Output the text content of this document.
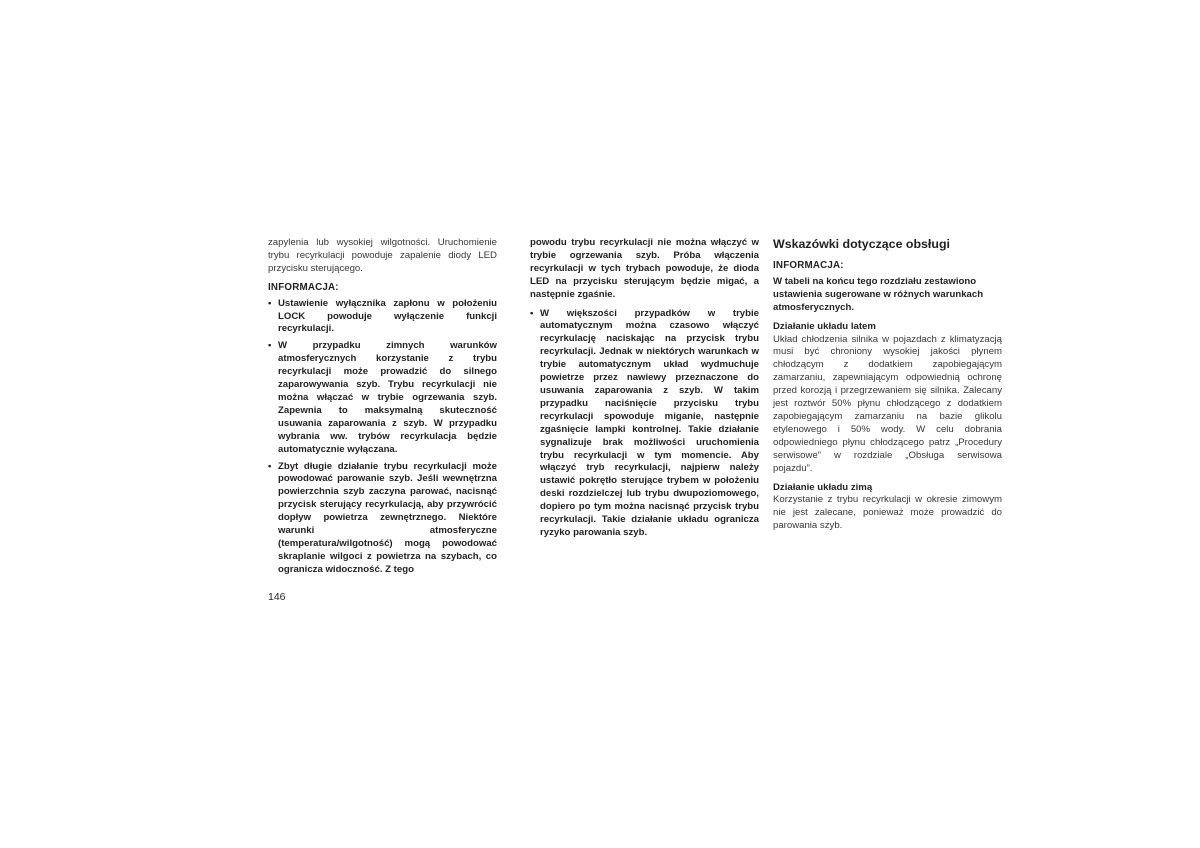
zapylenia lub wysokiej wilgotności. Uruchomienie trybu recyrkulacji powoduje zapalenie diody LED przycisku sterującego.

INFORMACJA:
• Ustawienie wyłącznika zapłonu w położeniu LOCK powoduje wyłączenie funkcji recyrkulacji.
• W przypadku zimnych warunków atmosferycznych korzystanie z trybu recyrkulacji może prowadzić do silnego zaparowywania szyb. Trybu recyrkulacji nie można włączać w trybie ogrzewania szyb. Zapewnia to maksymalną skuteczność usuwania zaparowania z szyb. W przypadku wybrania ww. trybów recyrkulacja będzie automatycznie wyłączana.
• Zbyt długie działanie trybu recyrkulacji może powodować parowanie szyb. Jeśli wewnętrzna powierzchnia szyb zaczyna parować, nacisnąć przycisk sterujący recyrkulacją, aby przywrócić dopływ powietrza zewnętrznego. Niektóre warunki atmosferyczne (temperatura/wilgotność) mogą powodować skraplanie wilgoci z powietrza na szybach, co ogranicza widoczność. Z tego

powodu trybu recyrkulacji nie można włączyć w trybie ogrzewania szyb. Próba włączenia recyrkulacji w tych trybach powoduje, że dioda LED na przycisku sterującym będzie migać, a następnie zgaśnie.

• W większości przypadków w trybie automatycznym można czasowo włączyć recyrkulację naciskając na przycisk trybu recyrkulacji. Jednak w niektórych warunkach w trybie automatycznym układ wydmuchuje powietrze przez nawiewy przeznaczone do usuwania zaparowania z szyb. W takim przypadku naciśnięcie przycisku trybu recyrkulacji spowoduje miganie, następnie zgaśnięcie lampki kontrolnej. Takie działanie sygnalizuje brak możliwości uruchomienia trybu recyrkulacji w tym momencie. Aby włączyć tryb recyrkulacji, najpierw należy ustawić pokrętło sterujące trybem w położeniu deski rozdzielczej lub trybu dwupoziomowego, dopiero po tym można nacisnąć przycisk trybu recyrkulacji. Takie działanie układu ogranicza ryzyko parowania szyb.
Wskazówki dotyczące obsługi
INFORMACJA:

W tabeli na końcu tego rozdziału zestawiono ustawienia sugerowane w różnych warunkach atmosferycznych.

Działanie układu latem

Układ chłodzenia silnika w pojazdach z klimatyzacją musi być chroniony wysokiej jakości płynem chłodzącym z dodatkiem zapobiegającym zamarzaniu, zapewniającym odpowiednią ochronę przed korozją i przegrzewaniem się silnika. Zalecany jest roztwór 50% płynu chłodzącego z dodatkiem zapobiegającym zamarzaniu na bazie glikolu etylenowego i 50% wody. W celu dobrania odpowiedniego płynu chłodzącego patrz „Procedury serwisowe” w rozdziale „Obsługa serwisowa pojazdu”.

Działanie układu zimą

Korzystanie z trybu recyrkulacji w okresie zimowym nie jest zalecane, ponieważ może prowadzić do parowania szyb.

146
